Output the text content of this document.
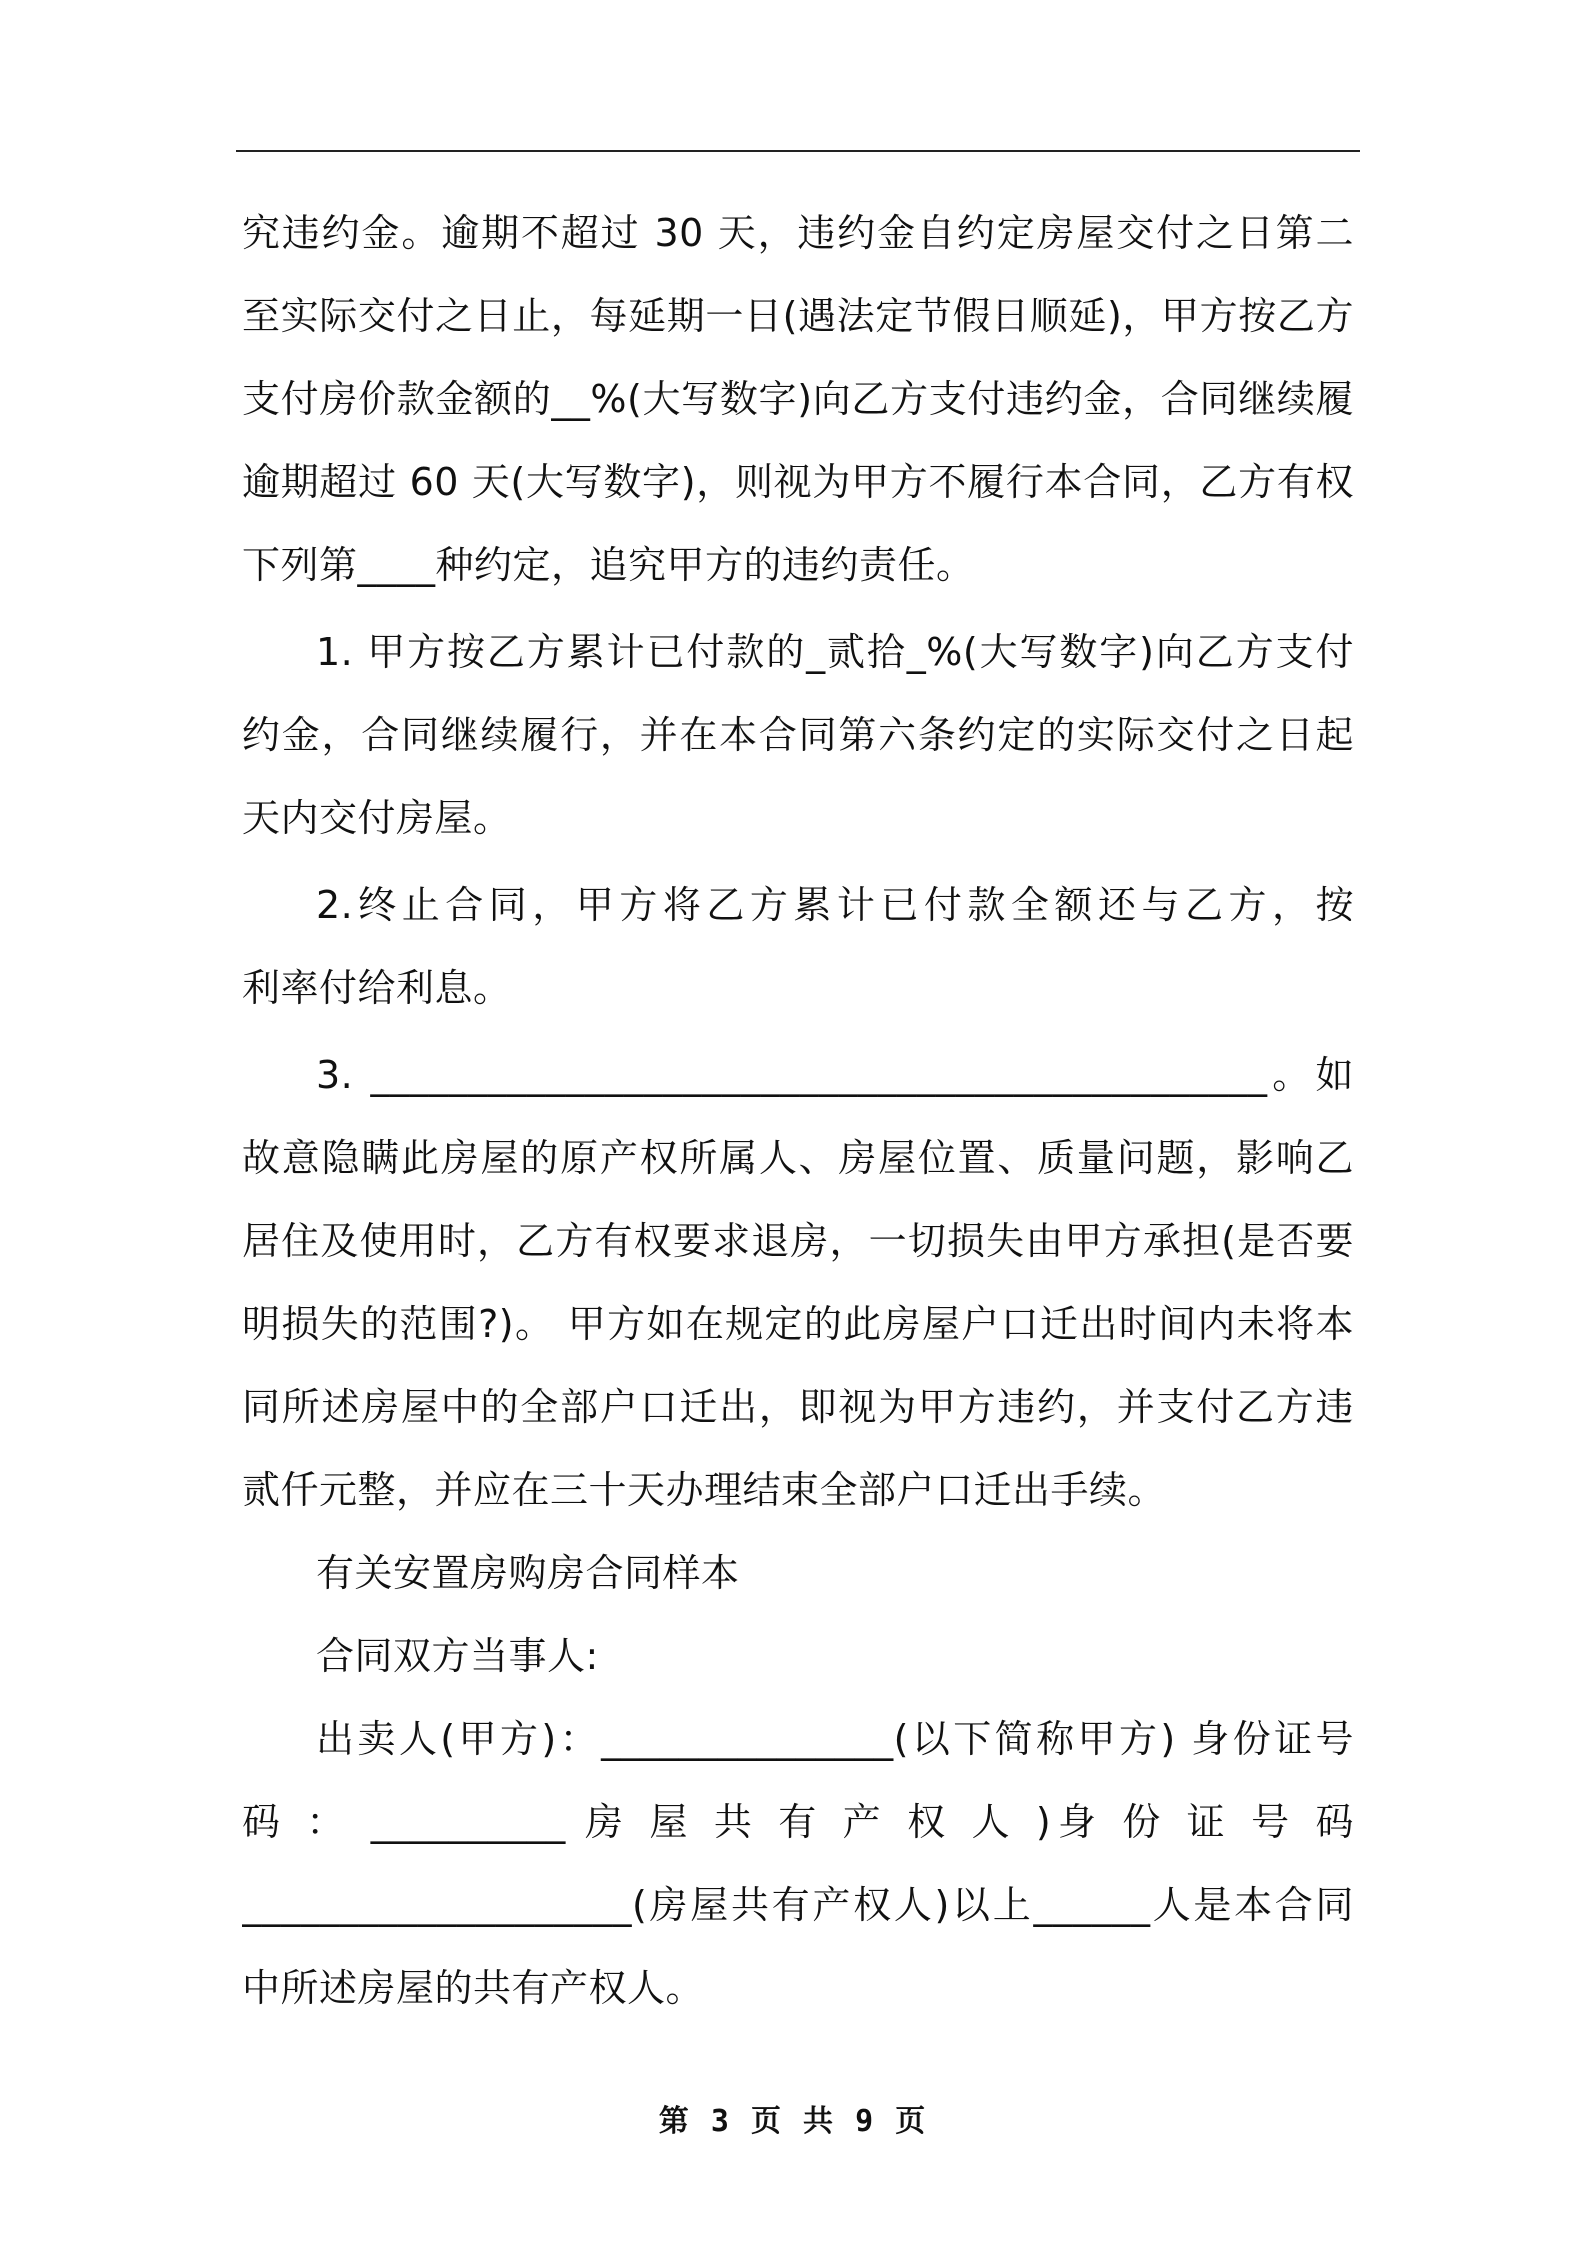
究违约金。逾期不超过 30 天，违约金自约定房屋交付之日第二
至实际交付之日止，每延期一日(遇法定节假日顺延)，甲方按乙方
支付房价款金额的__%(大写数字)向乙方支付违约金，合同继续履
逾期超过 60 天(大写数字)，则视为甲方不履行本合同，乙方有权
下列第____种约定，追究甲方的违约责任。
1. 甲方按乙方累计已付款的_贰拾_%(大写数字)向乙方支付
约金，合同继续履行，并在本合同第六条约定的实际交付之日起
天内交付房屋。
2.终止合同，甲方将乙方累计已付款全额还与乙方，按
利率付给利息。
3. ______________________________________________。如
故意隐瞒此房屋的原产权所属人、房屋位置、质量问题，影响乙
居住及使用时，乙方有权要求退房，一切损失由甲方承担(是否要
明损失的范围?)。 甲方如在规定的此房屋户口迁出时间内未将本
同所述房屋中的全部户口迁出，即视为甲方违约，并支付乙方违
贰仟元整，并应在三十天办理结束全部户口迁出手续。
有关安置房购房合同样本
合同双方当事人:
出卖人(甲方)：_______________(以下简称甲方) 身份证号
码 ： __________ 房 屋 共 有 产 权 人 )身 份 证 号 码
____________________(房屋共有产权人)以上______人是本合同
中所述房屋的共有产权人。
第 3 页 共 9 页
